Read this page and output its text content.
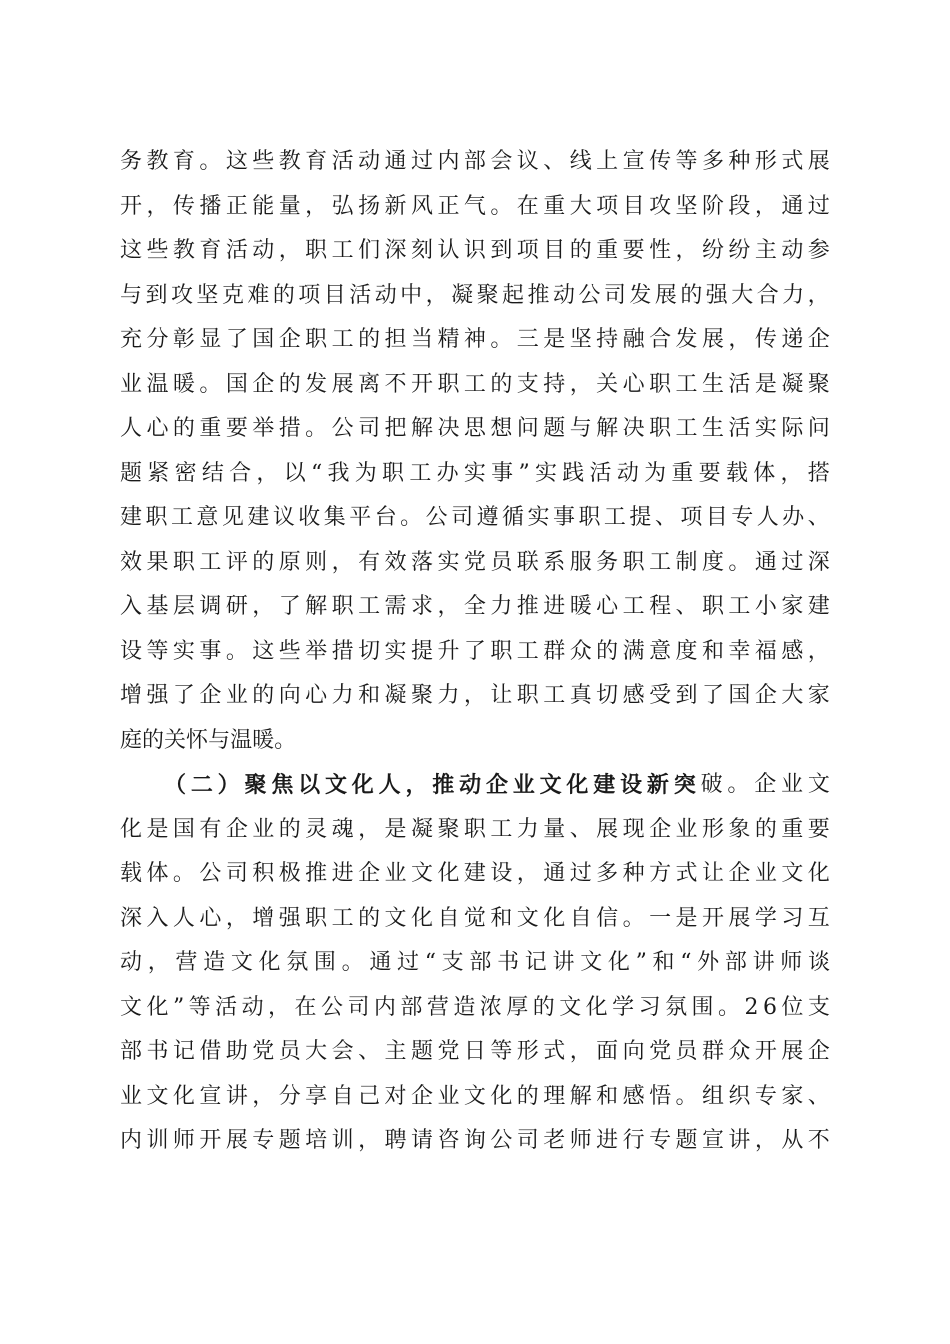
务 教 育 。 这 些 教 育 活 动 通 过 内 部 会 议 、 线 上 宣 传 等 多 种 形 式 展
开 ， 传 播 正 能 量 ， 弘 扬 新 风 正 气 。 在 重 大 项 目 攻 坚 阶 段 ， 通 过
这 些 教 育 活 动 ， 职 工 们 深 刻 认 识 到 项 目 的 重 要 性 ， 纷 纷 主 动 参
与 到 攻 坚 克 难 的 项 目 活 动 中 ， 凝 聚 起 推 动 公 司 发 展 的 强 大 合 力 ，
充 分 彰 显 了 国 企 职 工 的 担 当 精 神 。 三 是 坚 持 融 合 发 展 ， 传 递 企
业 温 暖 。 国 企 的 发 展 离 不 开 职 工 的 支 持 ， 关 心 职 工 生 活 是 凝 聚
人 心 的 重 要 举 措 。 公 司 把 解 决 思 想 问 题 与 解 决 职 工 生 活 实 际 问
题 紧 密 结 合 ， 以 “ 我 为 职 工 办 实 事 ” 实 践 活 动 为 重 要 载 体 ， 搭
建 职 工 意 见 建 议 收 集 平 台 。 公 司 遵 循 实 事 职 工 提 、 项 目 专 人 办 、
效 果 职 工 评 的 原 则 ， 有 效 落 实 党 员 联 系 服 务 职 工 制 度 。 通 过 深
入 基 层 调 研 ， 了 解 职 工 需 求 ， 全 力 推 进 暖 心 工 程 、 职 工 小 家 建
设 等 实 事 。 这 些 举 措 切 实 提 升 了 职 工 群 众 的 满 意 度 和 幸 福 感 ，
增 强 了 企 业 的 向 心 力 和 凝 聚 力 ， 让 职 工 真 切 感 受 到 了 国 企 大 家
庭 的 关 怀 与 温 暖 。
（ 二 ） 聚 焦 以 文 化 人 ， 推 动 企 业 文 化 建 设 新 突 破 。 企 业 文
化 是 国 有 企 业 的 灵 魂 ， 是 凝 聚 职 工 力 量 、 展 现 企 业 形 象 的 重 要
载 体 。 公 司 积 极 推 进 企 业 文 化 建 设 ， 通 过 多 种 方 式 让 企 业 文 化
深 入 人 心 ， 增 强 职 工 的 文 化 自 觉 和 文 化 自 信 。 一 是 开 展 学 习 互
动 ， 营 造 文 化 氛 围 。 通 过 “ 支 部 书 记 讲 文 化 ” 和 “ 外 部 讲 师 谈
文 化 ” 等 活 动 ， 在 公 司 内 部 营 造 浓 厚 的 文 化 学 习 氛 围 。 2 6 位 支
部 书 记 借 助 党 员 大 会 、 主 题 党 日 等 形 式 ， 面 向 党 员 群 众 开 展 企
业 文 化 宣 讲 ， 分 享 自 己 对 企 业 文 化 的 理 解 和 感 悟 。 组 织 专 家 、
内 训 师 开 展 专 题 培 训 ， 聘 请 咨 询 公 司 老 师 进 行 专 题 宣 讲 ， 从 不
